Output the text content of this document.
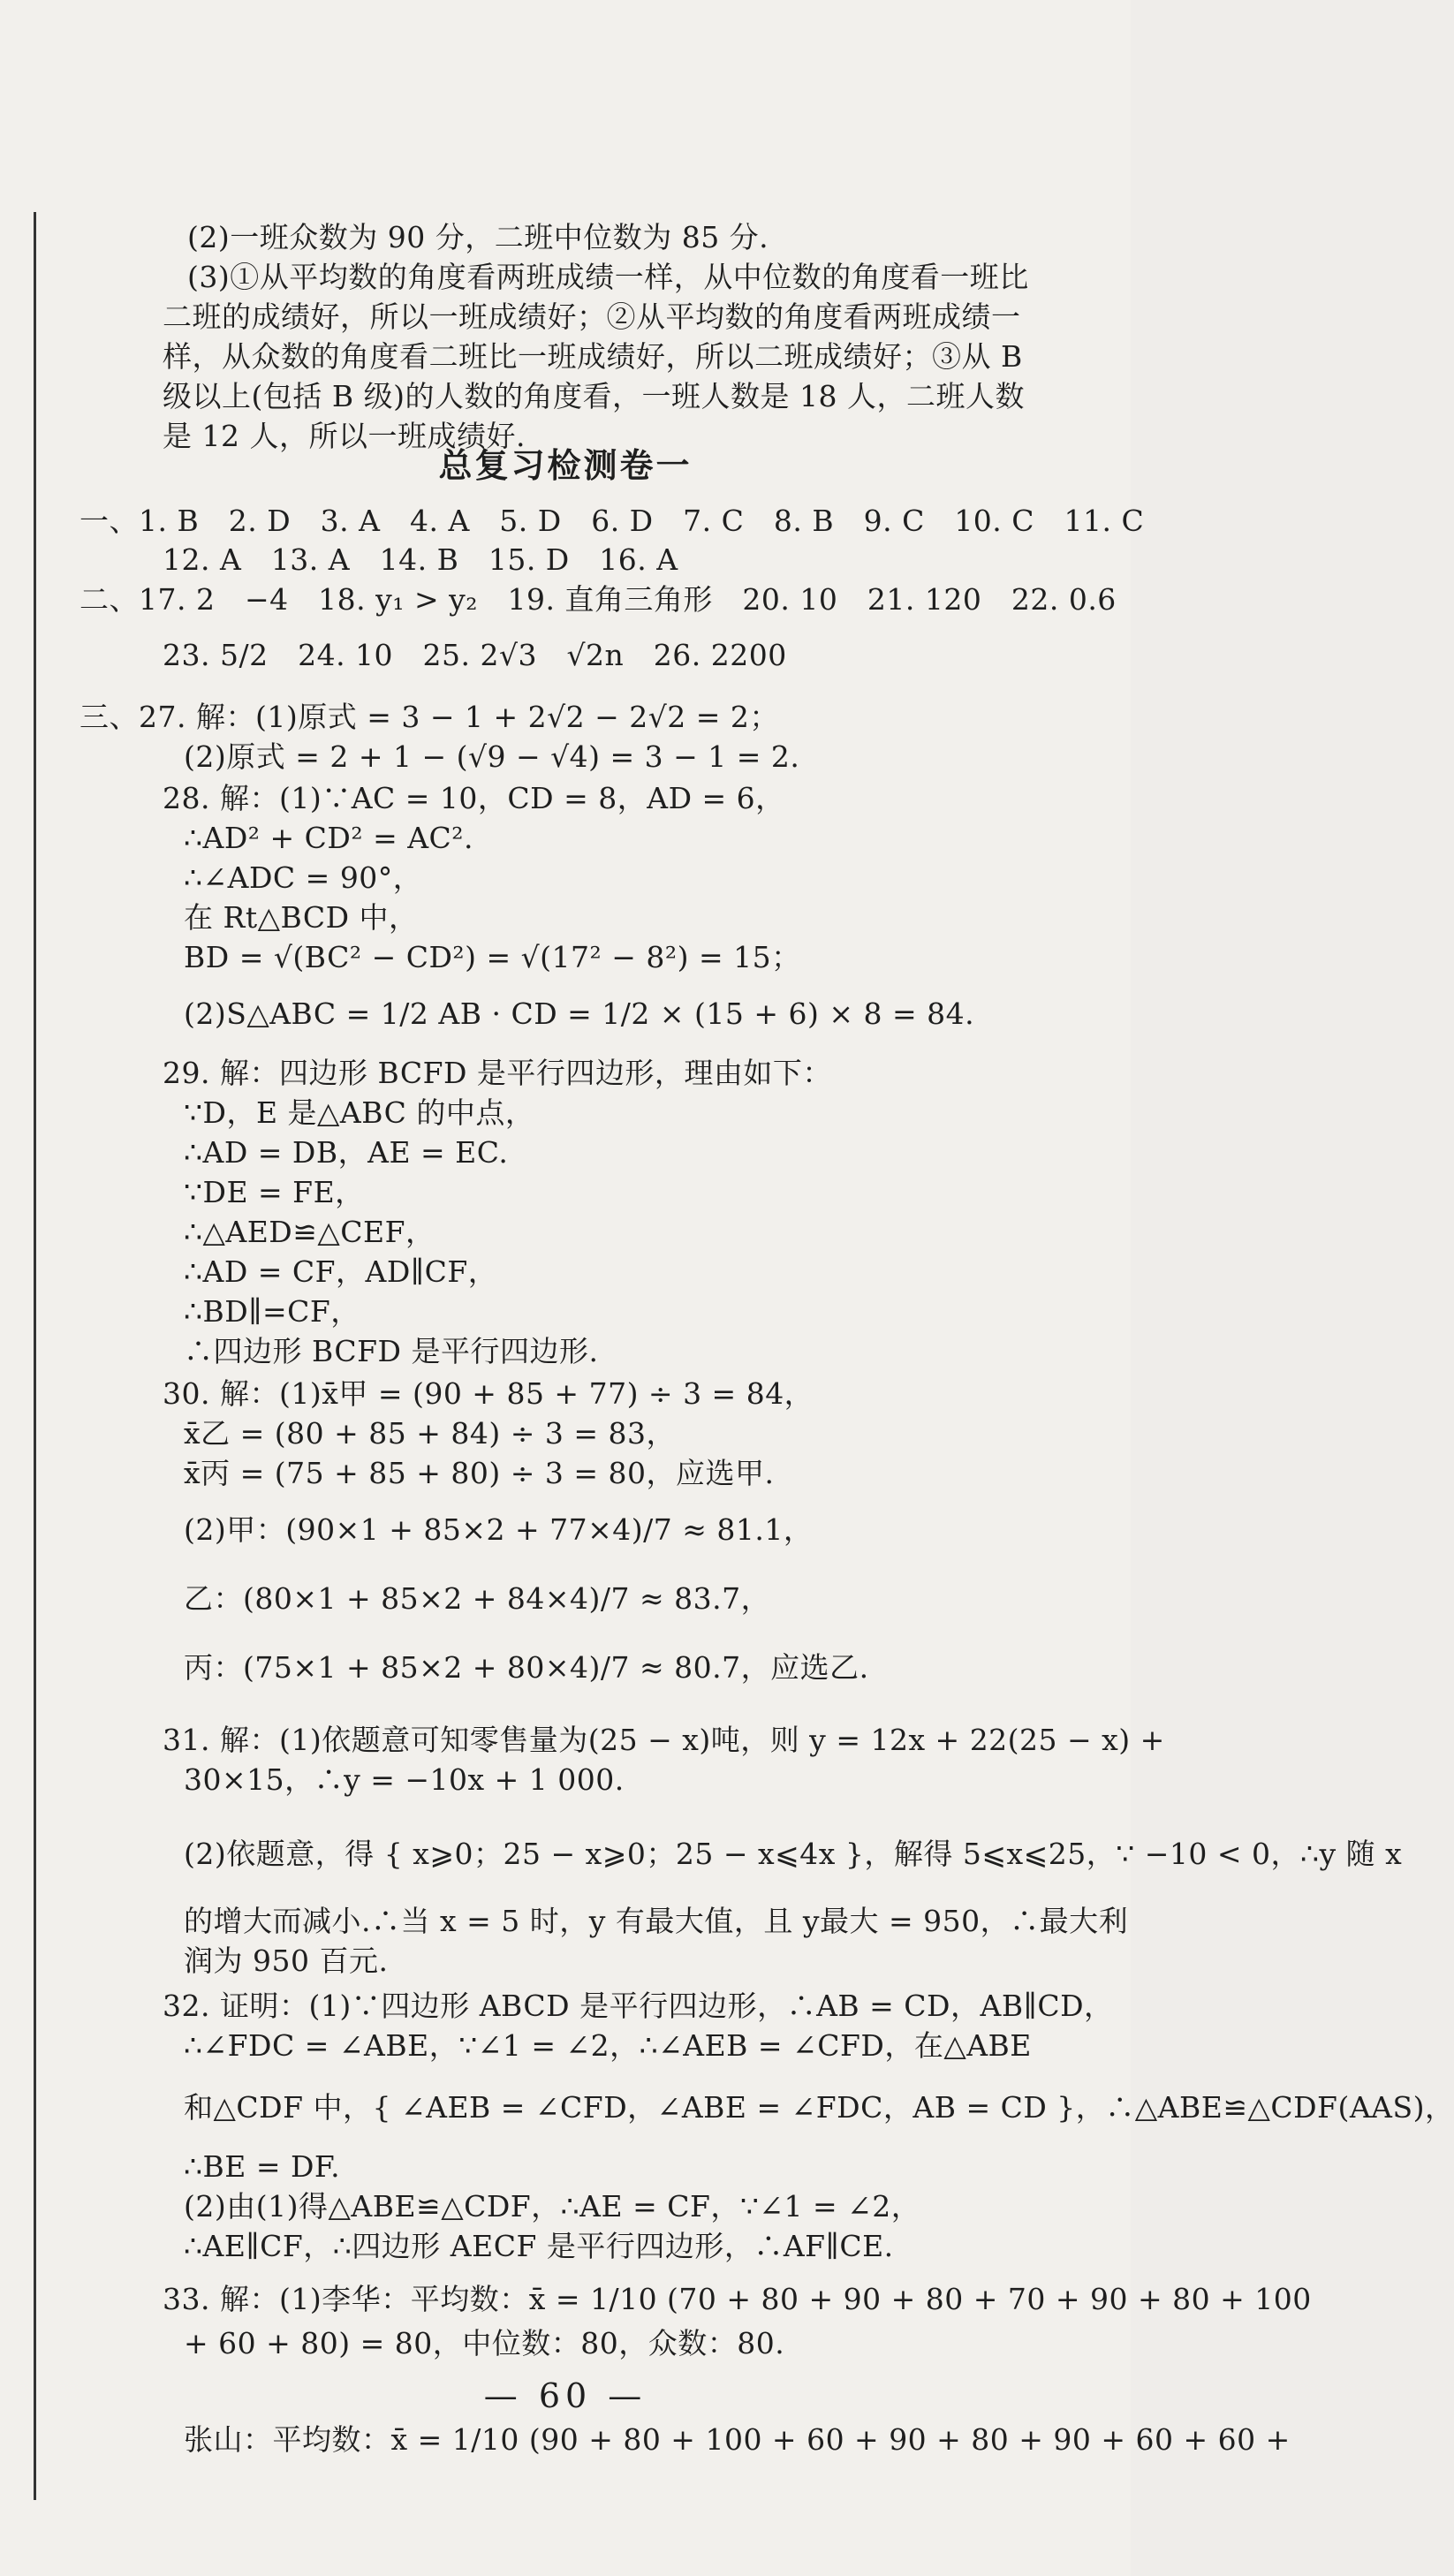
(2)一班众数为 90 分，二班中位数为 85 分.
(3)①从平均数的角度看两班成绩一样，从中位数的角度看一班比
二班的成绩好，所以一班成绩好；②从平均数的角度看两班成绩一
样，从众数的角度看二班比一班成绩好，所以二班成绩好；③从 B
级以上(包括 B 级)的人数的角度看，一班人数是 18 人，二班人数
是 12 人，所以一班成绩好.
总复习检测卷一
一、1. B　2. D　3. A　4. A　5. D　6. D　7. C　8. B　9. C　10. C　11. C
12. A　13. A　14. B　15. D　16. A
二、17. 2　−4　18. y₁ > y₂　19. 直角三角形　20. 10　21. 120　22. 0.6
23. 5/2　24. 10　25. 2√3　√2n　26. 2200
三、27. 解：(1)原式 = 3 − 1 + 2√2 − 2√2 = 2；
(2)原式 = 2 + 1 − (√9 − √4) = 3 − 1 = 2.
28. 解：(1)∵AC = 10，CD = 8，AD = 6，
∴AD² + CD² = AC².
∴∠ADC = 90°，
在 Rt△BCD 中，
BD = √(BC² − CD²) = √(17² − 8²) = 15；
(2)S△ABC = 1/2 AB · CD = 1/2 × (15 + 6) × 8 = 84.
29. 解：四边形 BCFD 是平行四边形，理由如下：
∵D，E 是△ABC 的中点，
∴AD = DB，AE = EC.
∵DE = FE，
∴△AED≌△CEF，
∴AD = CF，AD∥CF，
∴BD∥=CF，
∴四边形 BCFD 是平行四边形.
30. 解：(1)x̄甲 = (90 + 85 + 77) ÷ 3 = 84，
x̄乙 = (80 + 85 + 84) ÷ 3 = 83，
x̄丙 = (75 + 85 + 80) ÷ 3 = 80，应选甲.
(2)甲：(90×1 + 85×2 + 77×4)/7 ≈ 81.1，
乙：(80×1 + 85×2 + 84×4)/7 ≈ 83.7，
丙：(75×1 + 85×2 + 80×4)/7 ≈ 80.7，应选乙.
31. 解：(1)依题意可知零售量为(25 − x)吨，则 y = 12x + 22(25 − x) +
30×15，∴y = −10x + 1 000.
(2)依题意，得 { x⩾0；25 − x⩾0；25 − x⩽4x }，解得 5⩽x⩽25，∵ −10 < 0，∴y 随 x
的增大而减小.∴当 x = 5 时，y 有最大值，且 y最大 = 950，∴最大利
润为 950 百元.
32. 证明：(1)∵四边形 ABCD 是平行四边形，∴AB = CD，AB∥CD，
∴∠FDC = ∠ABE，∵∠1 = ∠2，∴∠AEB = ∠CFD，在△ABE
和△CDF 中，{ ∠AEB = ∠CFD，∠ABE = ∠FDC，AB = CD }，∴△ABE≌△CDF(AAS)，
∴BE = DF.
(2)由(1)得△ABE≌△CDF，∴AE = CF，∵∠1 = ∠2，
∴AE∥CF，∴四边形 AECF 是平行四边形，∴AF∥CE.
33. 解：(1)李华：平均数：x̄ = 1/10 (70 + 80 + 90 + 80 + 70 + 90 + 80 + 100
+ 60 + 80) = 80，中位数：80，众数：80.
张山：平均数：x̄ = 1/10 (90 + 80 + 100 + 60 + 90 + 80 + 90 + 60 + 60 +
— 60 —
